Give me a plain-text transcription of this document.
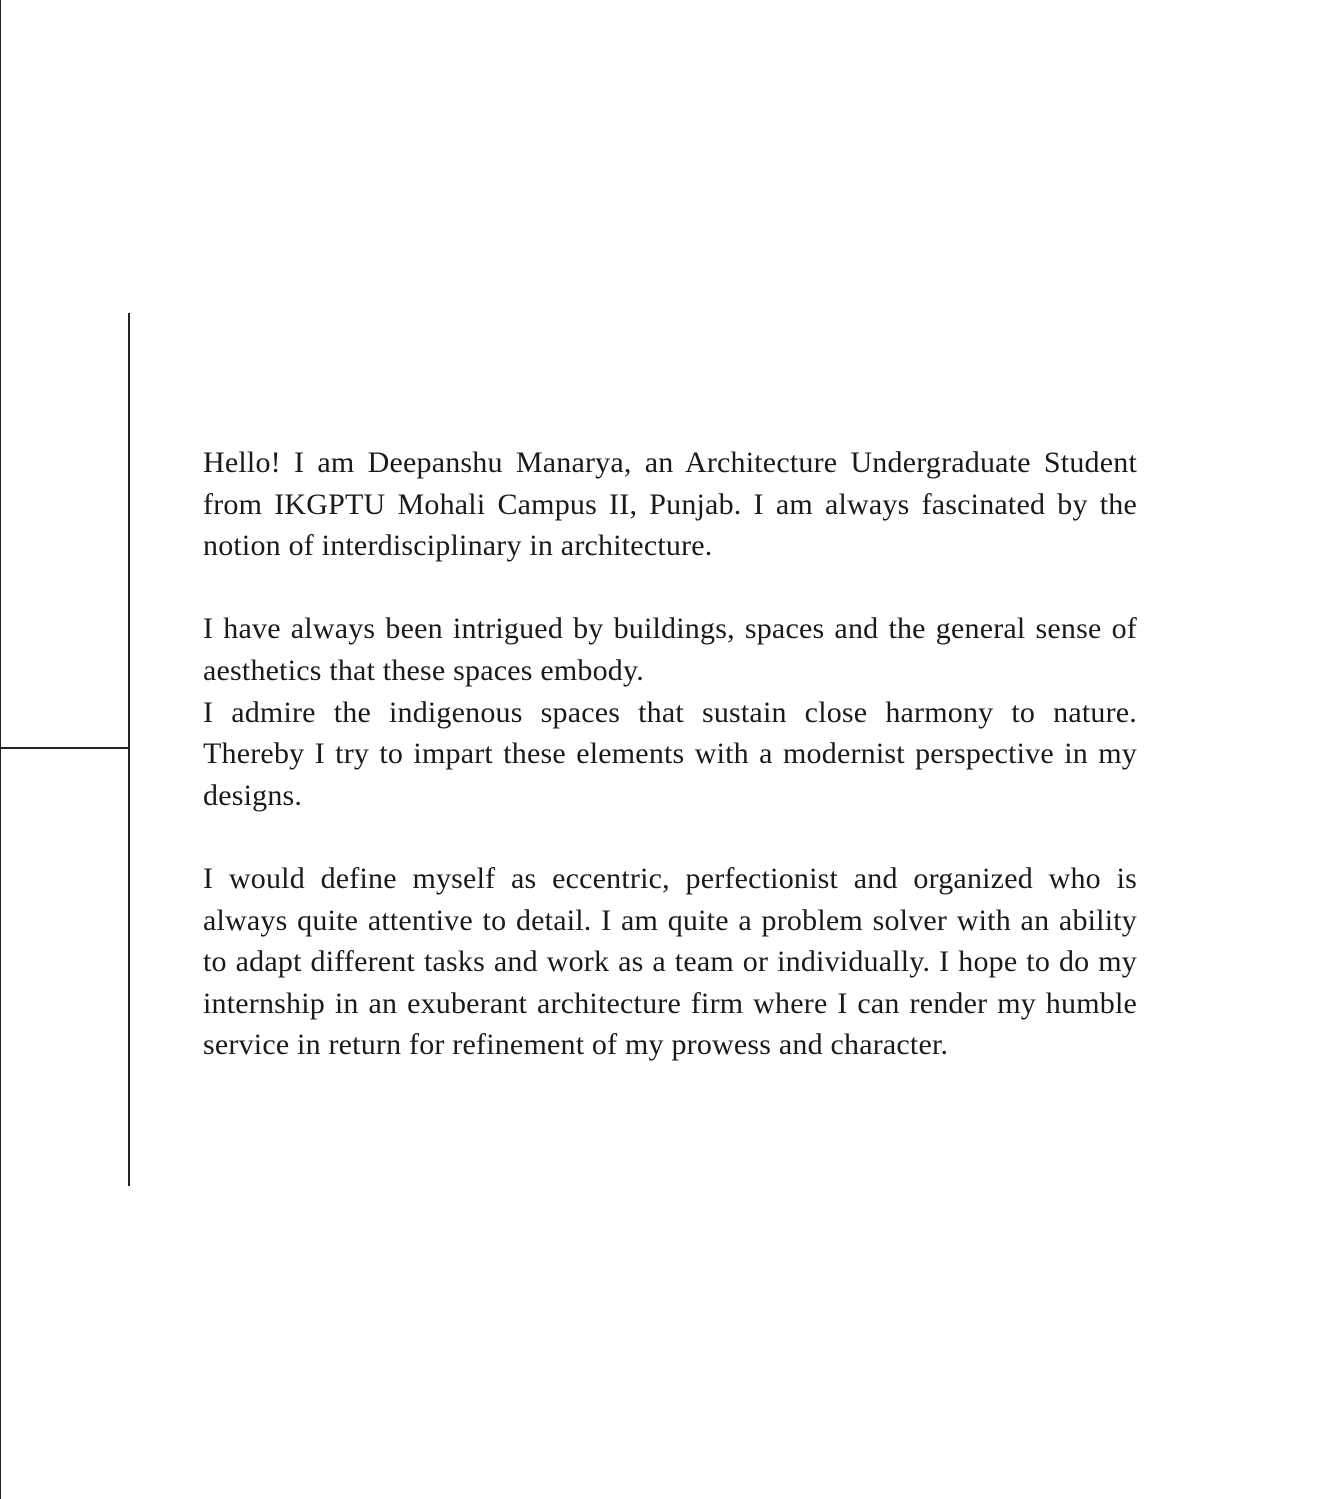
Hello! I am Deepanshu Manarya, an Architecture Undergraduate Student from IKGPTU Mohali Campus II, Punjab. I am always fascinated by the notion of interdisciplinary in architecture.

I have always been intrigued by buildings, spaces and the general sense of aesthetics that these spaces embody.

I admire the indigenous spaces that sustain close harmony to nature. Thereby I try to impart these elements with a modernist perspective in my designs.

I would define myself as eccentric, perfectionist and organized who is always quite attentive to detail. I am quite a problem solver with an ability to adapt different tasks and work as a team or individually. I hope to do my internship in an exuberant architecture firm where I can render my humble service in return for refinement of my prowess and character.
